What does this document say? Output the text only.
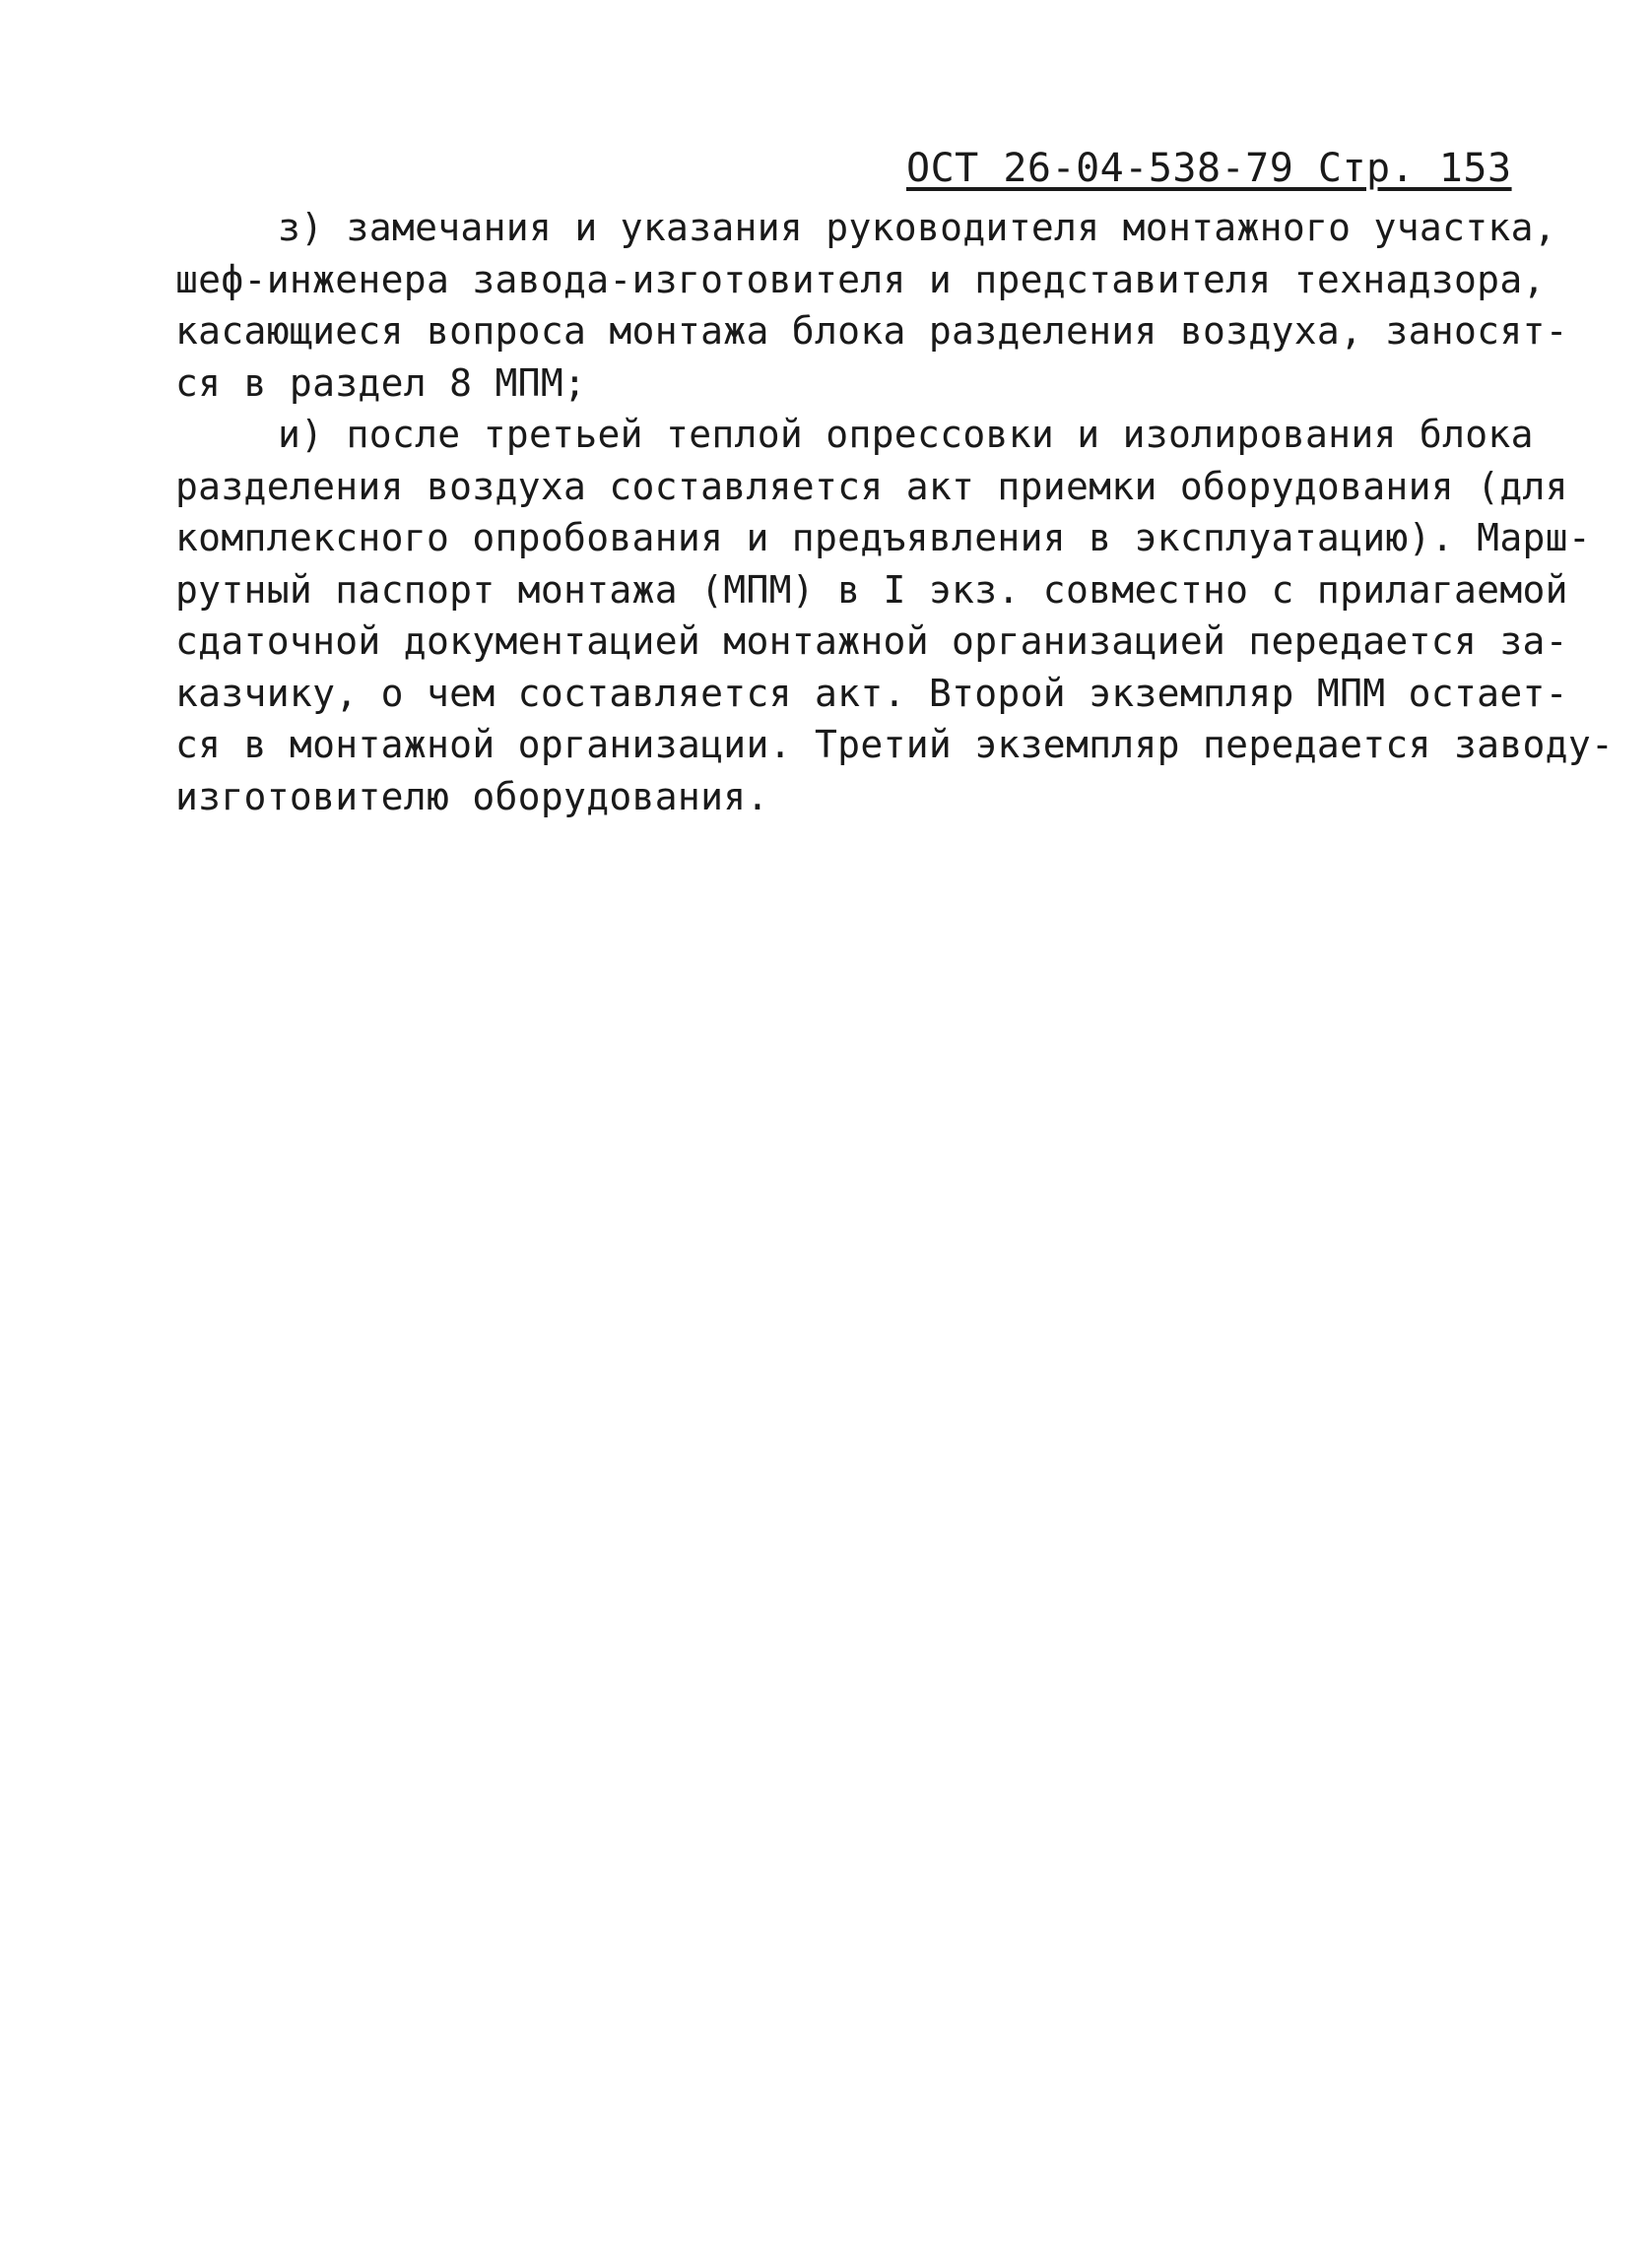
ОСТ 26-04-538-79 Стр. 153
з) замечания и указания руководителя монтажного участка,
шеф-инженера завода-изготовителя и представителя технадзора,
касающиеся вопроса монтажа блока разделения воздуха, заносят-
ся в раздел 8 МПМ;
и) после третьей теплой опрессовки и изолирования блока
разделения воздуха составляется акт приемки оборудования (для
комплексного опробования и предъявления в эксплуатацию). Марш-
рутный паспорт монтажа (МПМ) в I экз. совместно с прилагаемой
сдаточной документацией монтажной организацией передается за-
казчику, о чем составляется акт. Второй экземпляр МПМ остает-
ся в монтажной организации. Третий экземпляр передается заводу-
изготовителю оборудования.
